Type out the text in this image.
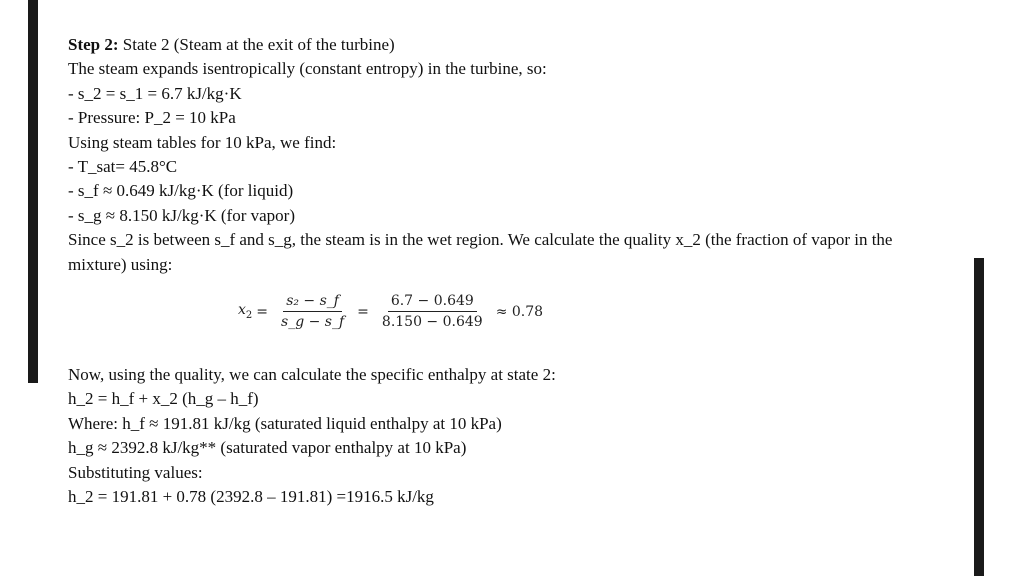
Step 2: State 2 (Steam at the exit of the turbine)

The steam expands isentropically (constant entropy) in the turbine, so:

- s_2 = s_1 = 6.7 kJ/kg·K

- Pressure: P_2 = 10 kPa

Using steam tables for 10 kPa, we find:

- T_sat= 45.8°C

- s_f ≈ 0.649 kJ/kg·K (for liquid)

- s_g ≈ 8.150 kJ/kg·K (for vapor)

Since s_2 is between s_f and s_g, the steam is in the wet region. We calculate the quality x_2 (the fraction of vapor in the mixture) using:

$x_2 = \frac{\text{s₂ − s\_f}}{s\_g - s\_f} = \frac{6.7 - 0.649}{8.150 - 0.649} \approx 0.78$

Now, using the quality, we can calculate the specific enthalpy at state 2:

h_2 = h_f + x_2 (h_g – h_f)

Where: h_f ≈ 191.81 kJ/kg (saturated liquid enthalpy at 10 kPa)

h_g ≈ 2392.8 kJ/kg** (saturated vapor enthalpy at 10 kPa)

Substituting values:

h_2 = 191.81 + 0.78 (2392.8 – 191.81) =1916.5 kJ/kg
